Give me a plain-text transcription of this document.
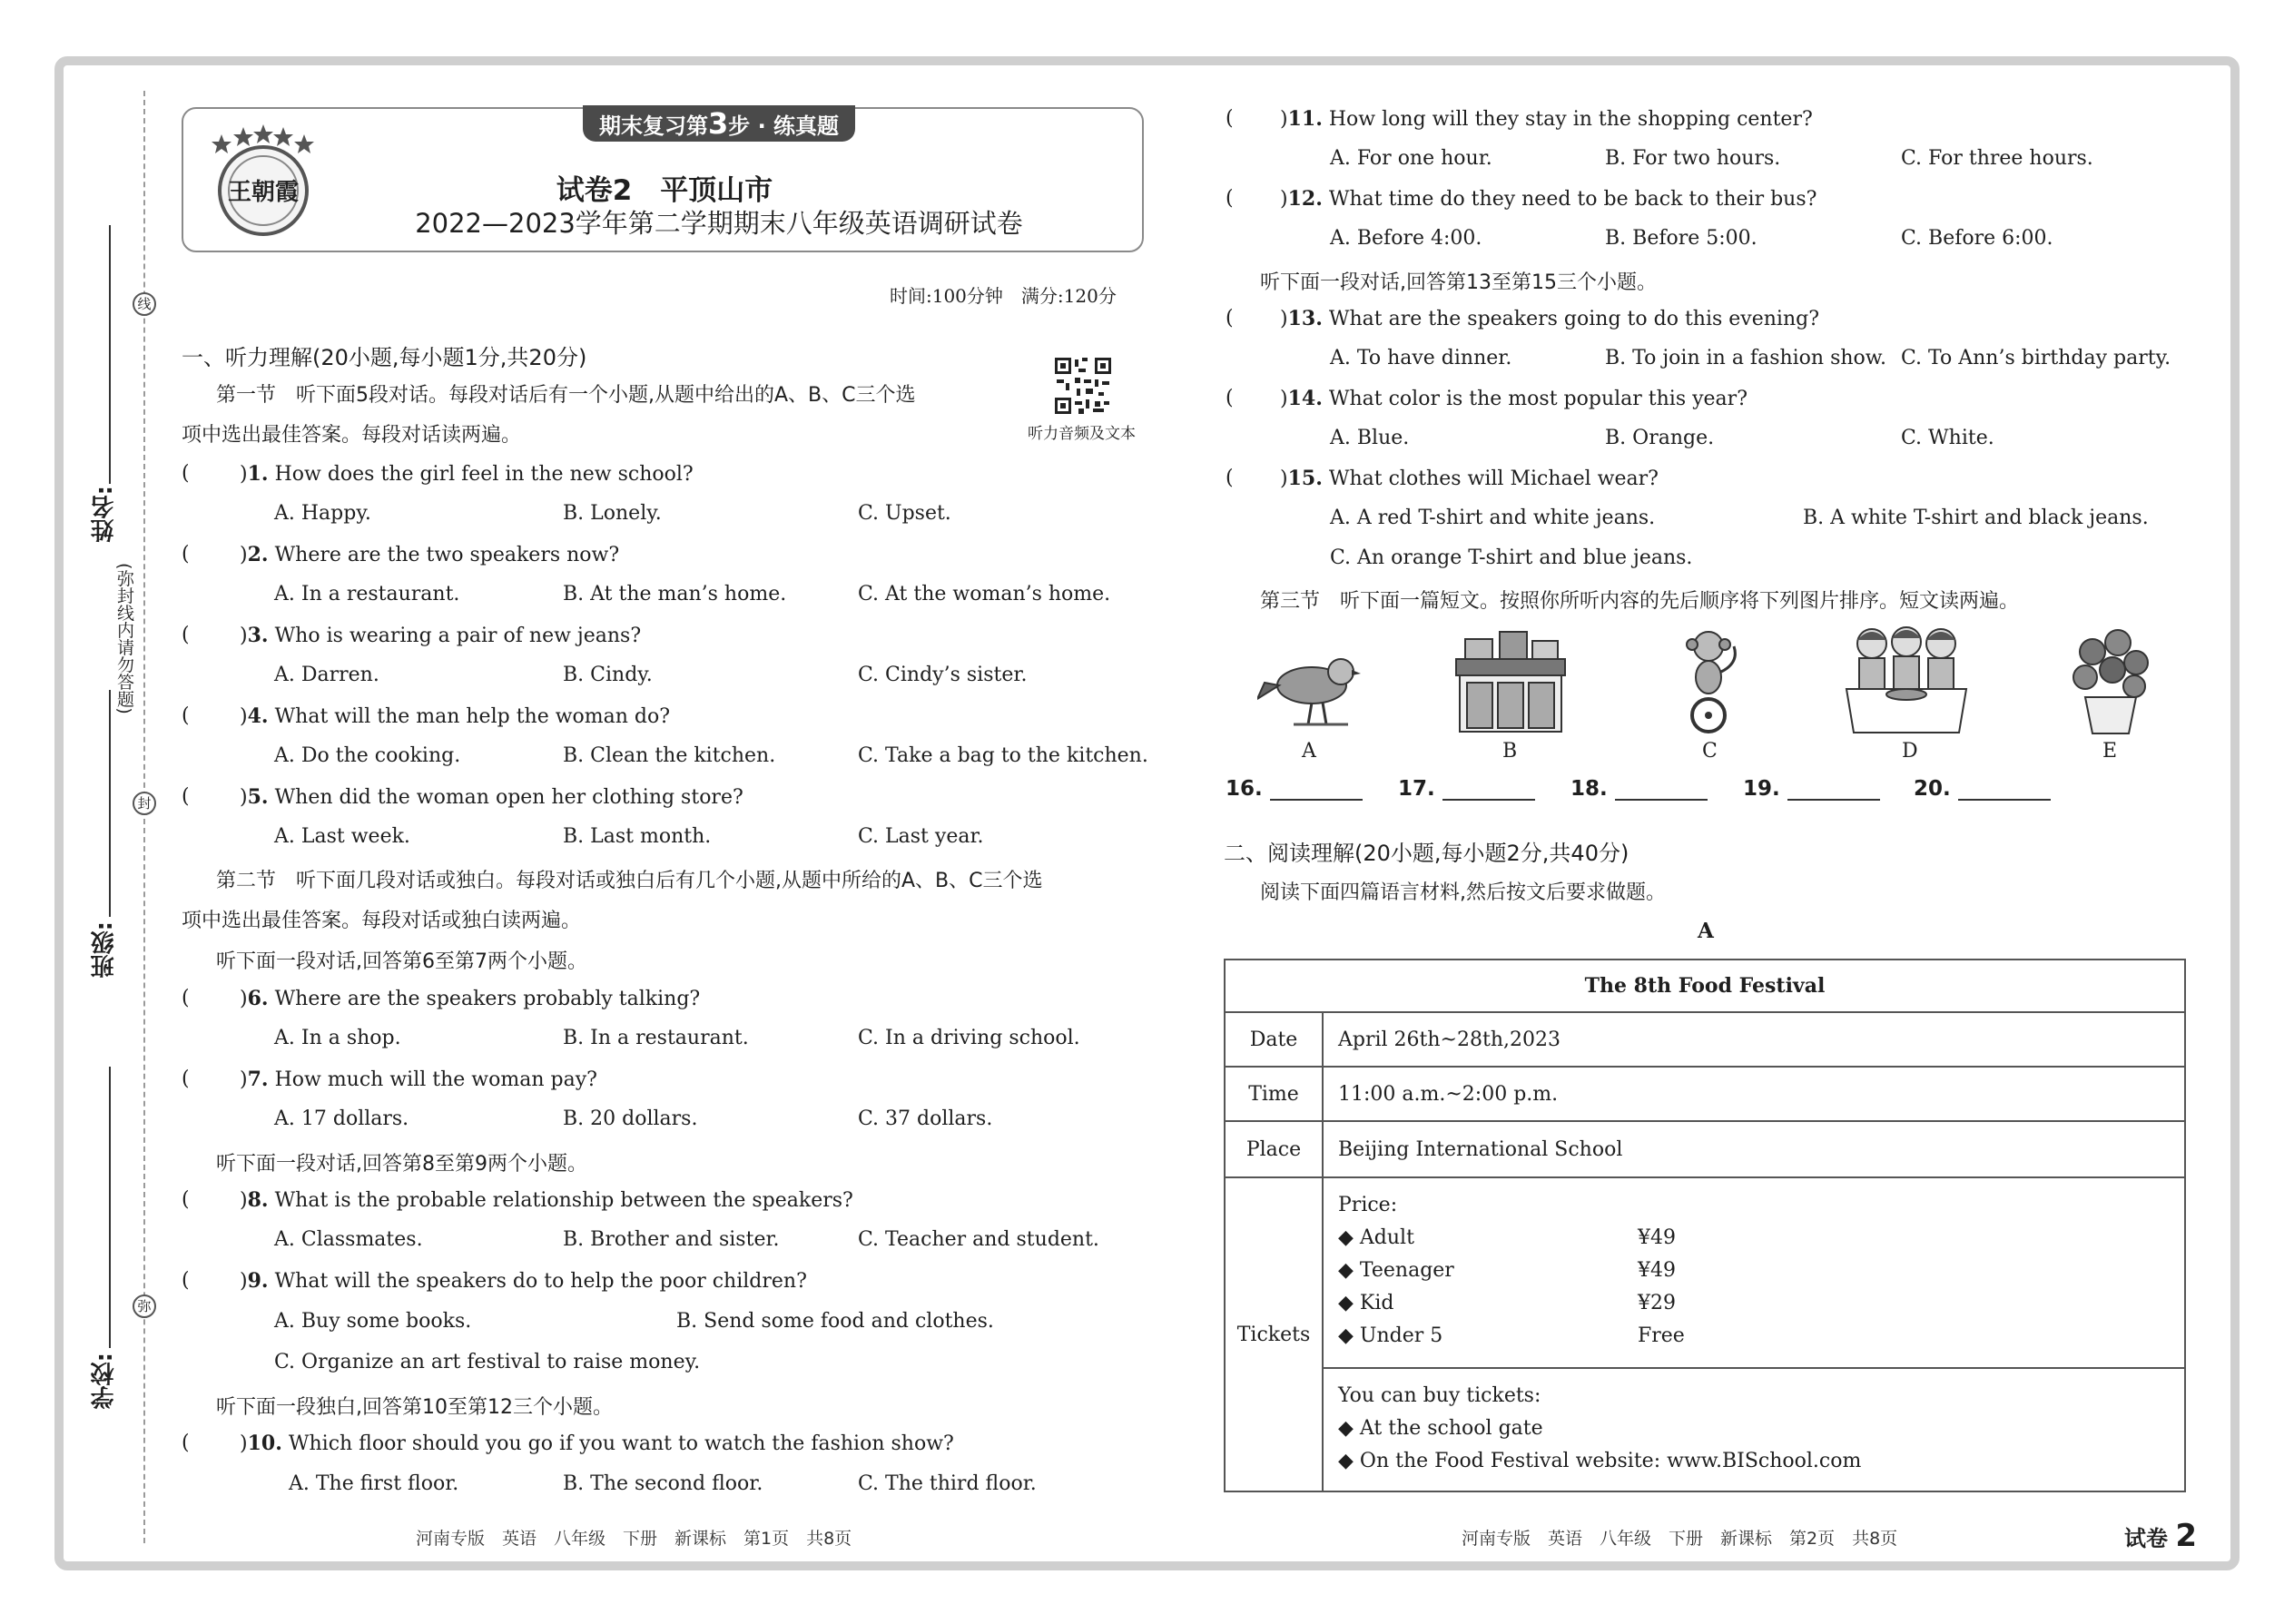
线
封
弥
(弥封线内请勿答题)
姓名:
班级:
学校:
期末复习第3步 · 练真题
王朝霞	试卷2　平顶山市
2022—2023学年第二学期期末八年级英语调研试卷
时间:100分钟　满分:120分
听力音频及文本
一、听力理解(20小题,每小题1分,共20分)
第一节　听下面5段对话。每段对话后有一个小题,从题中给出的A、B、C三个选
项中选出最佳答案。每段对话读两遍。
(	)1. How does the girl feel in the new school?
A. Happy.	B. Lonely.	C. Upset.
(	)2. Where are the two speakers now?
A. In a restaurant.	B. At the man’s home.	C. At the woman’s home.
(	)3. Who is wearing a pair of new jeans?
A. Darren.	B. Cindy.	C. Cindy’s sister.
(	)4. What will the man help the woman do?
A. Do the cooking.	B. Clean the kitchen.	C. Take a bag to the kitchen.
(	)5. When did the woman open her clothing store?
A. Last week.	B. Last month.	C. Last year.
第二节　听下面几段对话或独白。每段对话或独白后有几个小题,从题中所给的A、B、C三个选
项中选出最佳答案。每段对话或独白读两遍。
听下面一段对话,回答第6至第7两个小题。
(	)6. Where are the speakers probably talking?
A. In a shop.	B. In a restaurant.	C. In a driving school.
(	)7. How much will the woman pay?
A. 17 dollars.	B. 20 dollars.	C. 37 dollars.
听下面一段对话,回答第8至第9两个小题。
(	)8. What is the probable relationship between the speakers?
A. Classmates.	B. Brother and sister.	C. Teacher and student.
(	)9. What will the speakers do to help the poor children?
A. Buy some books.	B. Send some food and clothes.
C. Organize an art festival to raise money.
听下面一段独白,回答第10至第12三个小题。
(	)10. Which floor should you go if you want to watch the fashion show?
A. The first floor.	B. The second floor.	C. The third floor.
( )11. How long will they stay in the shopping center?
A. For one hour.	B. For two hours.	C. For three hours.
( )12. What time do they need to be back to their bus?
A. Before 4:00.	B. Before 5:00.	C. Before 6:00.
听下面一段对话,回答第13至第15三个小题。
( )13. What are the speakers going to do this evening?
A. To have dinner.	B. To join in a fashion show. C. To Ann’s birthday party.
( )14. What color is the most popular this year?
A. Blue.	B. Orange.	C. White.
( )15. What clothes will Michael wear?
A. A red T-shirt and white jeans.	B. A white T-shirt and black jeans.
C. An orange T-shirt and blue jeans.
第三节　听下面一篇短文。按照你所听内容的先后顺序将下列图片排序。短文读两遍。
A	B	C	D	E
16.	17.	18.	19.	20.
二、阅读理解(20小题,每小题2分,共40分)
阅读下面四篇语言材料,然后按文后要求做题。
A
The 8th Food Festival	
Date	April 26th~28th,2023
Time	11:00 a.m.~2:00 p.m.
Place	Beijing International School
Tickets	Price:
◆ Adult ¥49
◆ Teenager ¥49
◆ Kid ¥29
◆ Under 5 Free

	You can buy tickets:
◆ At the school gate
◆ On the Food Festival website: www.BISchool.com
河南专版　英语　八年级　下册　新课标　第1页　共8页	河南专版　英语　八年级　下册　新课标　第2页　共8页	试卷 2
